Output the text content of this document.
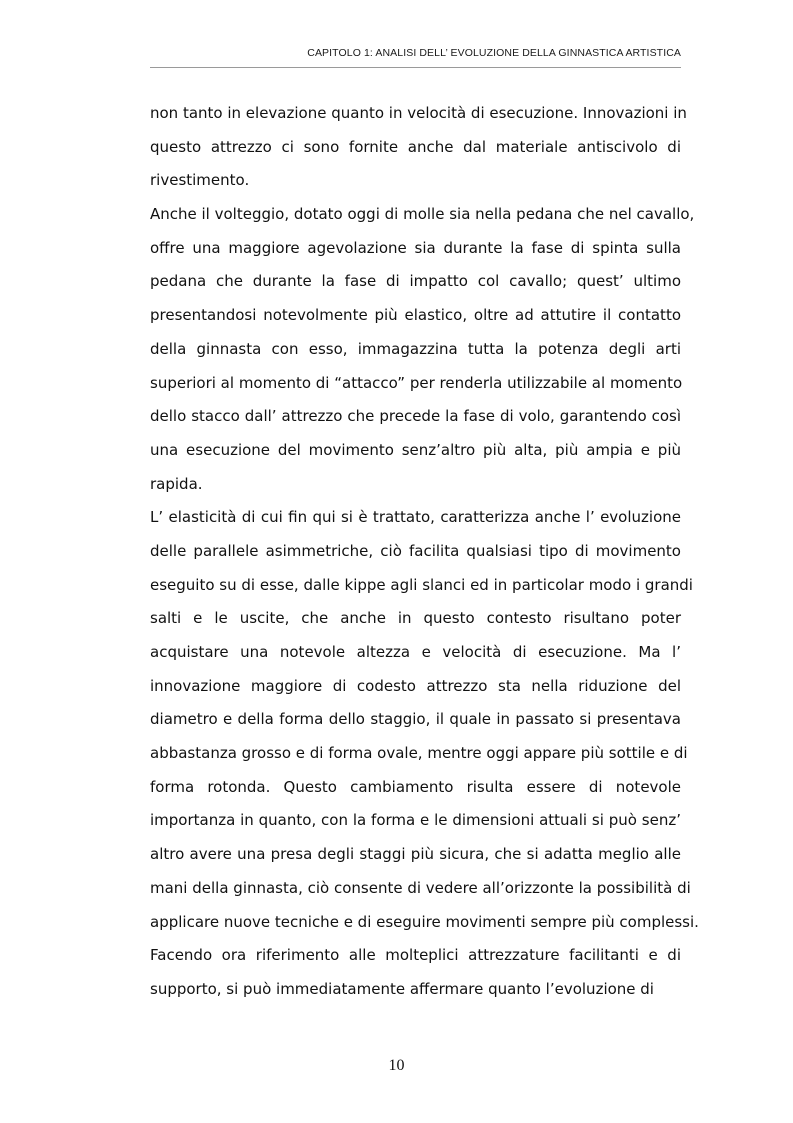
CAPITOLO 1: ANALISI DELL’ EVOLUZIONE DELLA GINNASTICA ARTISTICA
non tanto in elevazione quanto in velocità di esecuzione. Innovazioni in
questo attrezzo ci sono fornite anche dal materiale antiscivolo di
rivestimento.
Anche il volteggio, dotato oggi di molle sia nella pedana che nel cavallo,
offre una maggiore agevolazione sia durante la fase di spinta sulla
pedana che durante la fase di impatto col cavallo; quest’ ultimo
presentandosi notevolmente più elastico, oltre ad attutire il contatto
della ginnasta con esso, immagazzina tutta la potenza degli arti
superiori al momento di “attacco” per renderla utilizzabile al momento
dello stacco dall’ attrezzo che precede la fase di volo, garantendo così
una esecuzione del movimento senz’altro più alta, più ampia e più
rapida.
L’ elasticità di cui fin qui si è trattato, caratterizza anche l’ evoluzione
delle parallele asimmetriche, ciò facilita qualsiasi tipo di movimento
eseguito su di esse, dalle kippe agli slanci ed in particolar modo i grandi
salti e le uscite, che anche in questo contesto risultano poter
acquistare una notevole altezza e velocità di esecuzione. Ma l’
innovazione maggiore di codesto attrezzo sta nella riduzione del
diametro e della forma dello staggio, il quale in passato si presentava
abbastanza grosso e di forma ovale, mentre oggi appare più sottile e di
forma rotonda. Questo cambiamento risulta essere di notevole
importanza in quanto, con la forma e le dimensioni attuali si può senz’
altro avere una presa degli staggi più sicura, che si adatta meglio alle
mani della ginnasta, ciò consente di vedere all’orizzonte la possibilità di
applicare nuove tecniche e di eseguire movimenti sempre più complessi.
Facendo ora riferimento alle molteplici attrezzature facilitanti e di
supporto, si può immediatamente affermare quanto l’evoluzione di
10
